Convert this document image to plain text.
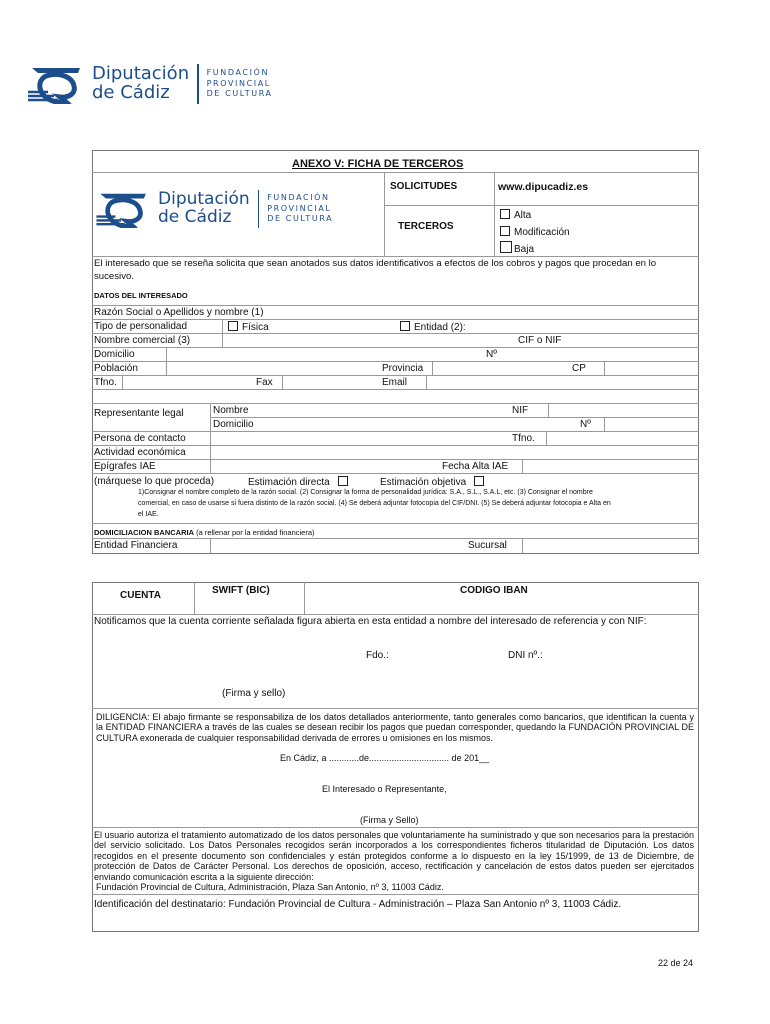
Diputación
de Cádiz
FUNDACIÓN
PROVINCIAL
DE CULTURA
ANEXO V: FICHA DE TERCEROS
Diputación
de Cádiz
FUNDACIÓN
PROVINCIAL
DE CULTURA
SOLICITUDES	www.dipucadiz.es
TERCEROS
Alta
Modificación
Baja
El interesado que se reseña solicita que sean anotados sus datos identificativos a efectos de los cobros y pagos que procedan en lo sucesivo.
DATOS DEL INTERESADO
Razón Social o Apellidos y nombre (1)
Tipo de personalidad	Física	Entidad (2):
Nombre comercial (3)	CIF o NIF
Domicilio	Nº
Población	Provincia	CP
Tfno.	Fax	Email
Representante legal	Nombre	NIF
Domicilio	Nº
Persona de contacto	Tfno.
Actividad económica
Epígrafes IAE	Fecha Alta IAE
(márquese lo que proceda)	Estimación directa	Estimación objetiva
1)Consignar el nombre completo de la razón social. (2) Consignar la forma de personalidad jurídica: S.A., S.L., S.A.L, etc. (3) Consignar el nombre
comercial, en caso de usarse si fuera distinto de la razón social. (4) Se deberá adjuntar fotocopia del CIF/DNI. (5) Se deberá adjuntar fotocopia e Alta en
el IAE.
DOMICILIACION BANCARIA (a rellenar por la entidad financiera)
Entidad Financiera	Sucursal
CUENTA	SWIFT (BIC)	CODIGO IBAN
Notificamos que la cuenta corriente señalada figura abierta en esta entidad a nombre del interesado de referencia y con NIF:
Fdo.:	DNI nº.:
(Firma y sello)
DILIGENCIA: El abajo firmante se responsabiliza de los datos detallados anteriormente, tanto generales como bancarios, que identifican la cuenta y la ENTIDAD FINANCIERA a través de las cuales se desean recibir los pagos que puedan corresponder, quedando la FUNDACIÓN PROVINCIAL DE CULTURA exonerada de cualquier responsabilidad derivada de errores u omisiones en los mismos.
En Cádiz, a ............de................................ de 201__
El Interesado o Representante,
(Firma y Sello)
El usuario autoriza el tratamiento automatizado de los datos personales que voluntariamente ha suministrado y que son necesarios para la prestación del servicio solicitado. Los Datos Personales recogidos serán incorporados a los correspondientes ficheros titularidad de Diputación. Los datos recogidos en el presente documento son confidenciales y están protegidos conforme a lo dispuesto en la ley 15/1999, de 13 de Diciembre, de protección de Datos de Carácter Personal. Los derechos de oposición, acceso, rectificación y cancelación de estos datos pueden ser ejercitados enviando comunicación escrita a la siguiente dirección:
Fundación Provincial de Cultura, Administración, Plaza San Antonio, nº 3, 11003 Cádiz.
Identificación del destinatario: Fundación Provincial de Cultura - Administración – Plaza San Antonio nº 3, 11003 Cádiz.
22 de 24
